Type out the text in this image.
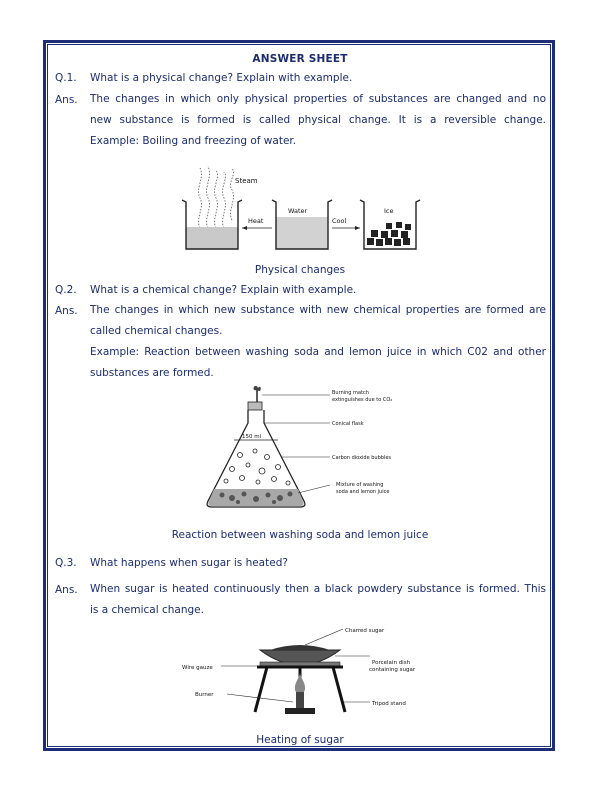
ANSWER SHEET
Q.1. What is a physical change? Explain with example.
Ans. The changes in which only physical properties of substances are changed and no
new substance is formed is called physical change. It is a reversible change.
Example: Boiling and freezing of water.
Steam
Heat
Water
Cool
Ice
Physical changes
Q.2. What is a chemical change? Explain with example.
Ans. The changes in which new substance with new chemical properties are formed are
called chemical changes.
Example: Reaction between washing soda and lemon juice in which C02 and other
substances are formed.
150 ml
Burning match
extinguishes due to CO₂
Conical flask
Carbon dioxide bubbles
Mixture of washing
soda and lemon juice
Reaction between washing soda and lemon juice
Q.3. What happens when sugar is heated?
Ans. When sugar is heated continuously then a black powdery substance is formed. This
is a chemical change.
Charred sugar
Wire gauze
Porcelain dish
containing sugar
Burner
Tripod stand
Heating of sugar
